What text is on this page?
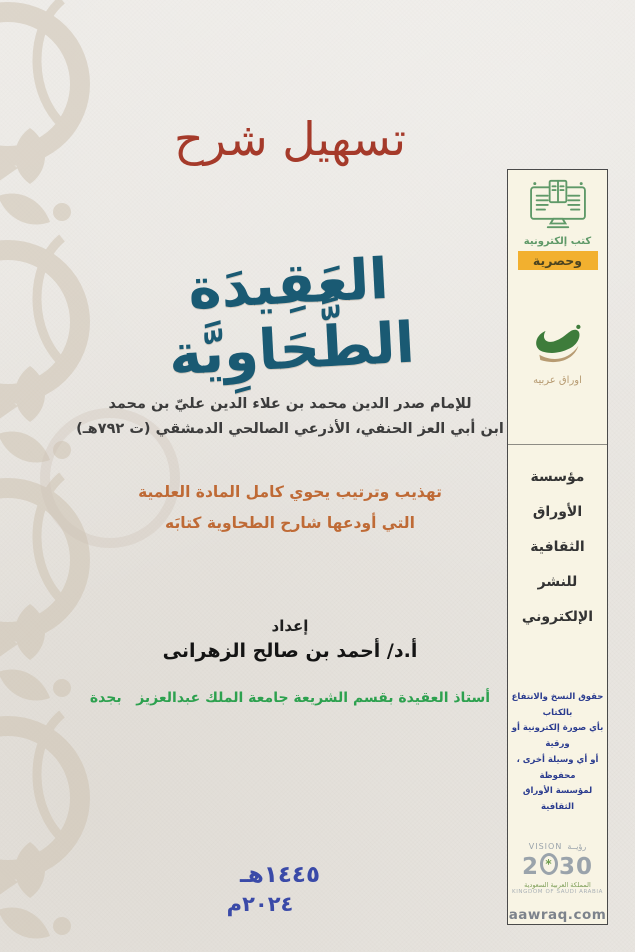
تسهيل شرح
العَقِيدَة الطَّحَاوِيَّة
للإمام صدر الدين محمد بن علاء الدين عليّ بن محمد
ابن أبي العز الحنفي، الأذرعي الصالحي الدمشقي (ت ٧٩٢هـ)
تهذيب وترتيب يحوي كامل المادة العلمية
التي أودعها شارح الطحاوية كتابَه
إعداد
أ.د/ أحمد بن صالح الزهرانى
أستاذ العقيدة بقسم الشريعة جامعة الملك عبدالعزيز   بجدة
١٤٤٥هـ
٢٠٢٤م
كتب إلكترونية
وحصرية
اوراق عربيه
مؤسسة
الأوراق
الثقافية
للنشر
الإلكتروني
حقوق النسخ والانتفاع بالكتاب
بأي صورة إلكترونية أو ورقية
أو أي وسيلة أخرى ، محفوظة
لمؤسسة الأوراق الثقافية
VISION رؤيــة
2 * 30
المملكة العربية السعودية
KINGDOM OF SAUDI ARABIA
aawraq.com
